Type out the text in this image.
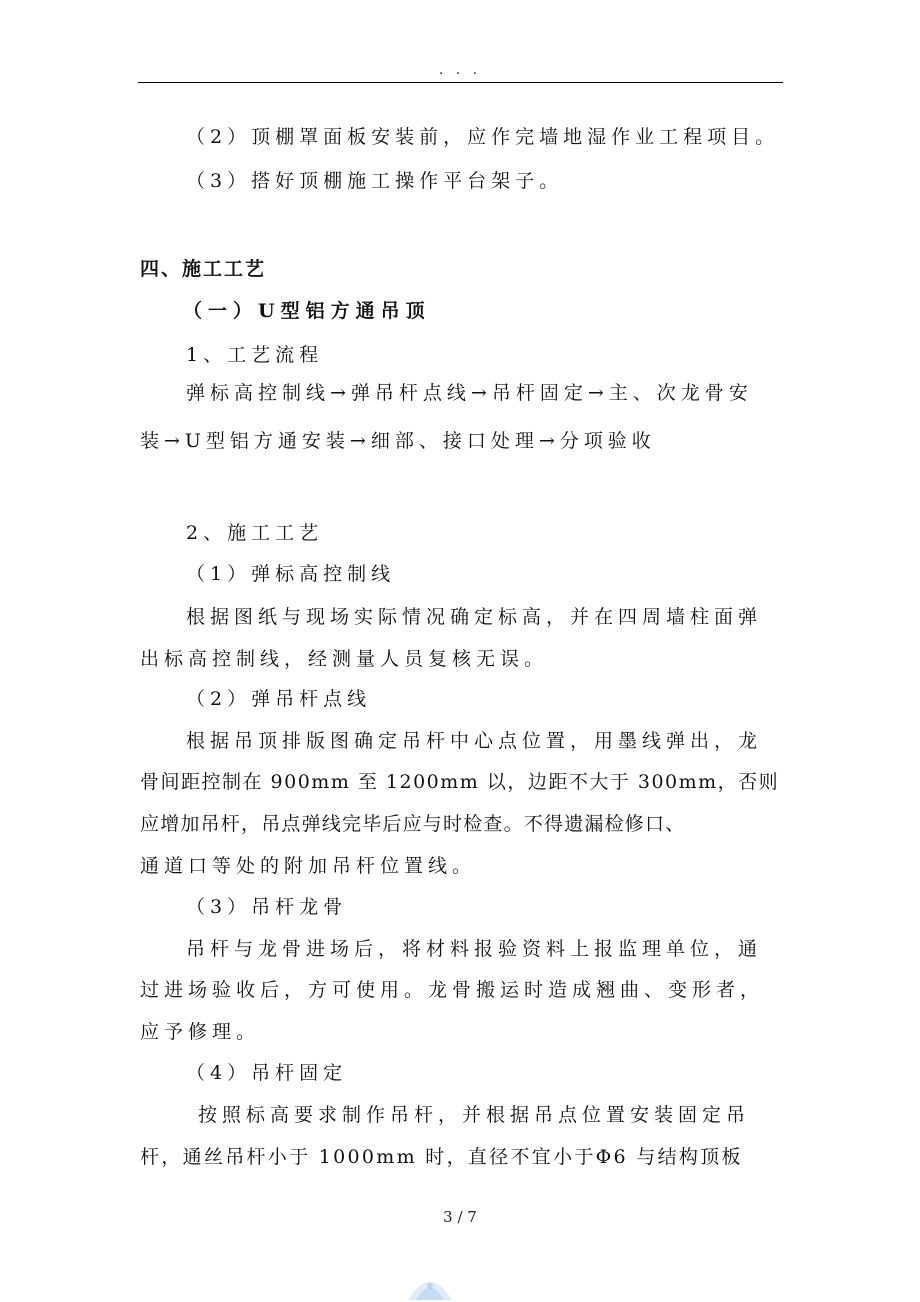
. . .
（2）顶棚罩面板安装前，应作完墙地湿作业工程项目。
（3）搭好顶棚施工操作平台架子。
四、施工工艺
（一）U型铝方通吊顶
1、工艺流程
弹标高控制线→弹吊杆点线→吊杆固定→主、次龙骨安
装→U型铝方通安装→细部、接口处理→分项验收
2、施工工艺
（1）弹标高控制线
根据图纸与现场实际情况确定标高，并在四周墙柱面弹
出标高控制线，经测量人员复核无误。
（2）弹吊杆点线
根据吊顶排版图确定吊杆中心点位置，用墨线弹出，龙
骨间距控制在 900mm 至 1200mm 以，边距不大于 300mm，否则
应增加吊杆，吊点弹线完毕后应与时检查。不得遗漏检修口、
通道口等处的附加吊杆位置线。
（3）吊杆龙骨
吊杆与龙骨进场后，将材料报验资料上报监理单位，通
过进场验收后，方可使用。龙骨搬运时造成翘曲、变形者，
应予修理。
（4）吊杆固定
按照标高要求制作吊杆，并根据吊点位置安装固定吊
杆，通丝吊杆小于 1000mm 时，直径不宜小于Φ6 与结构顶板
3 / 7
